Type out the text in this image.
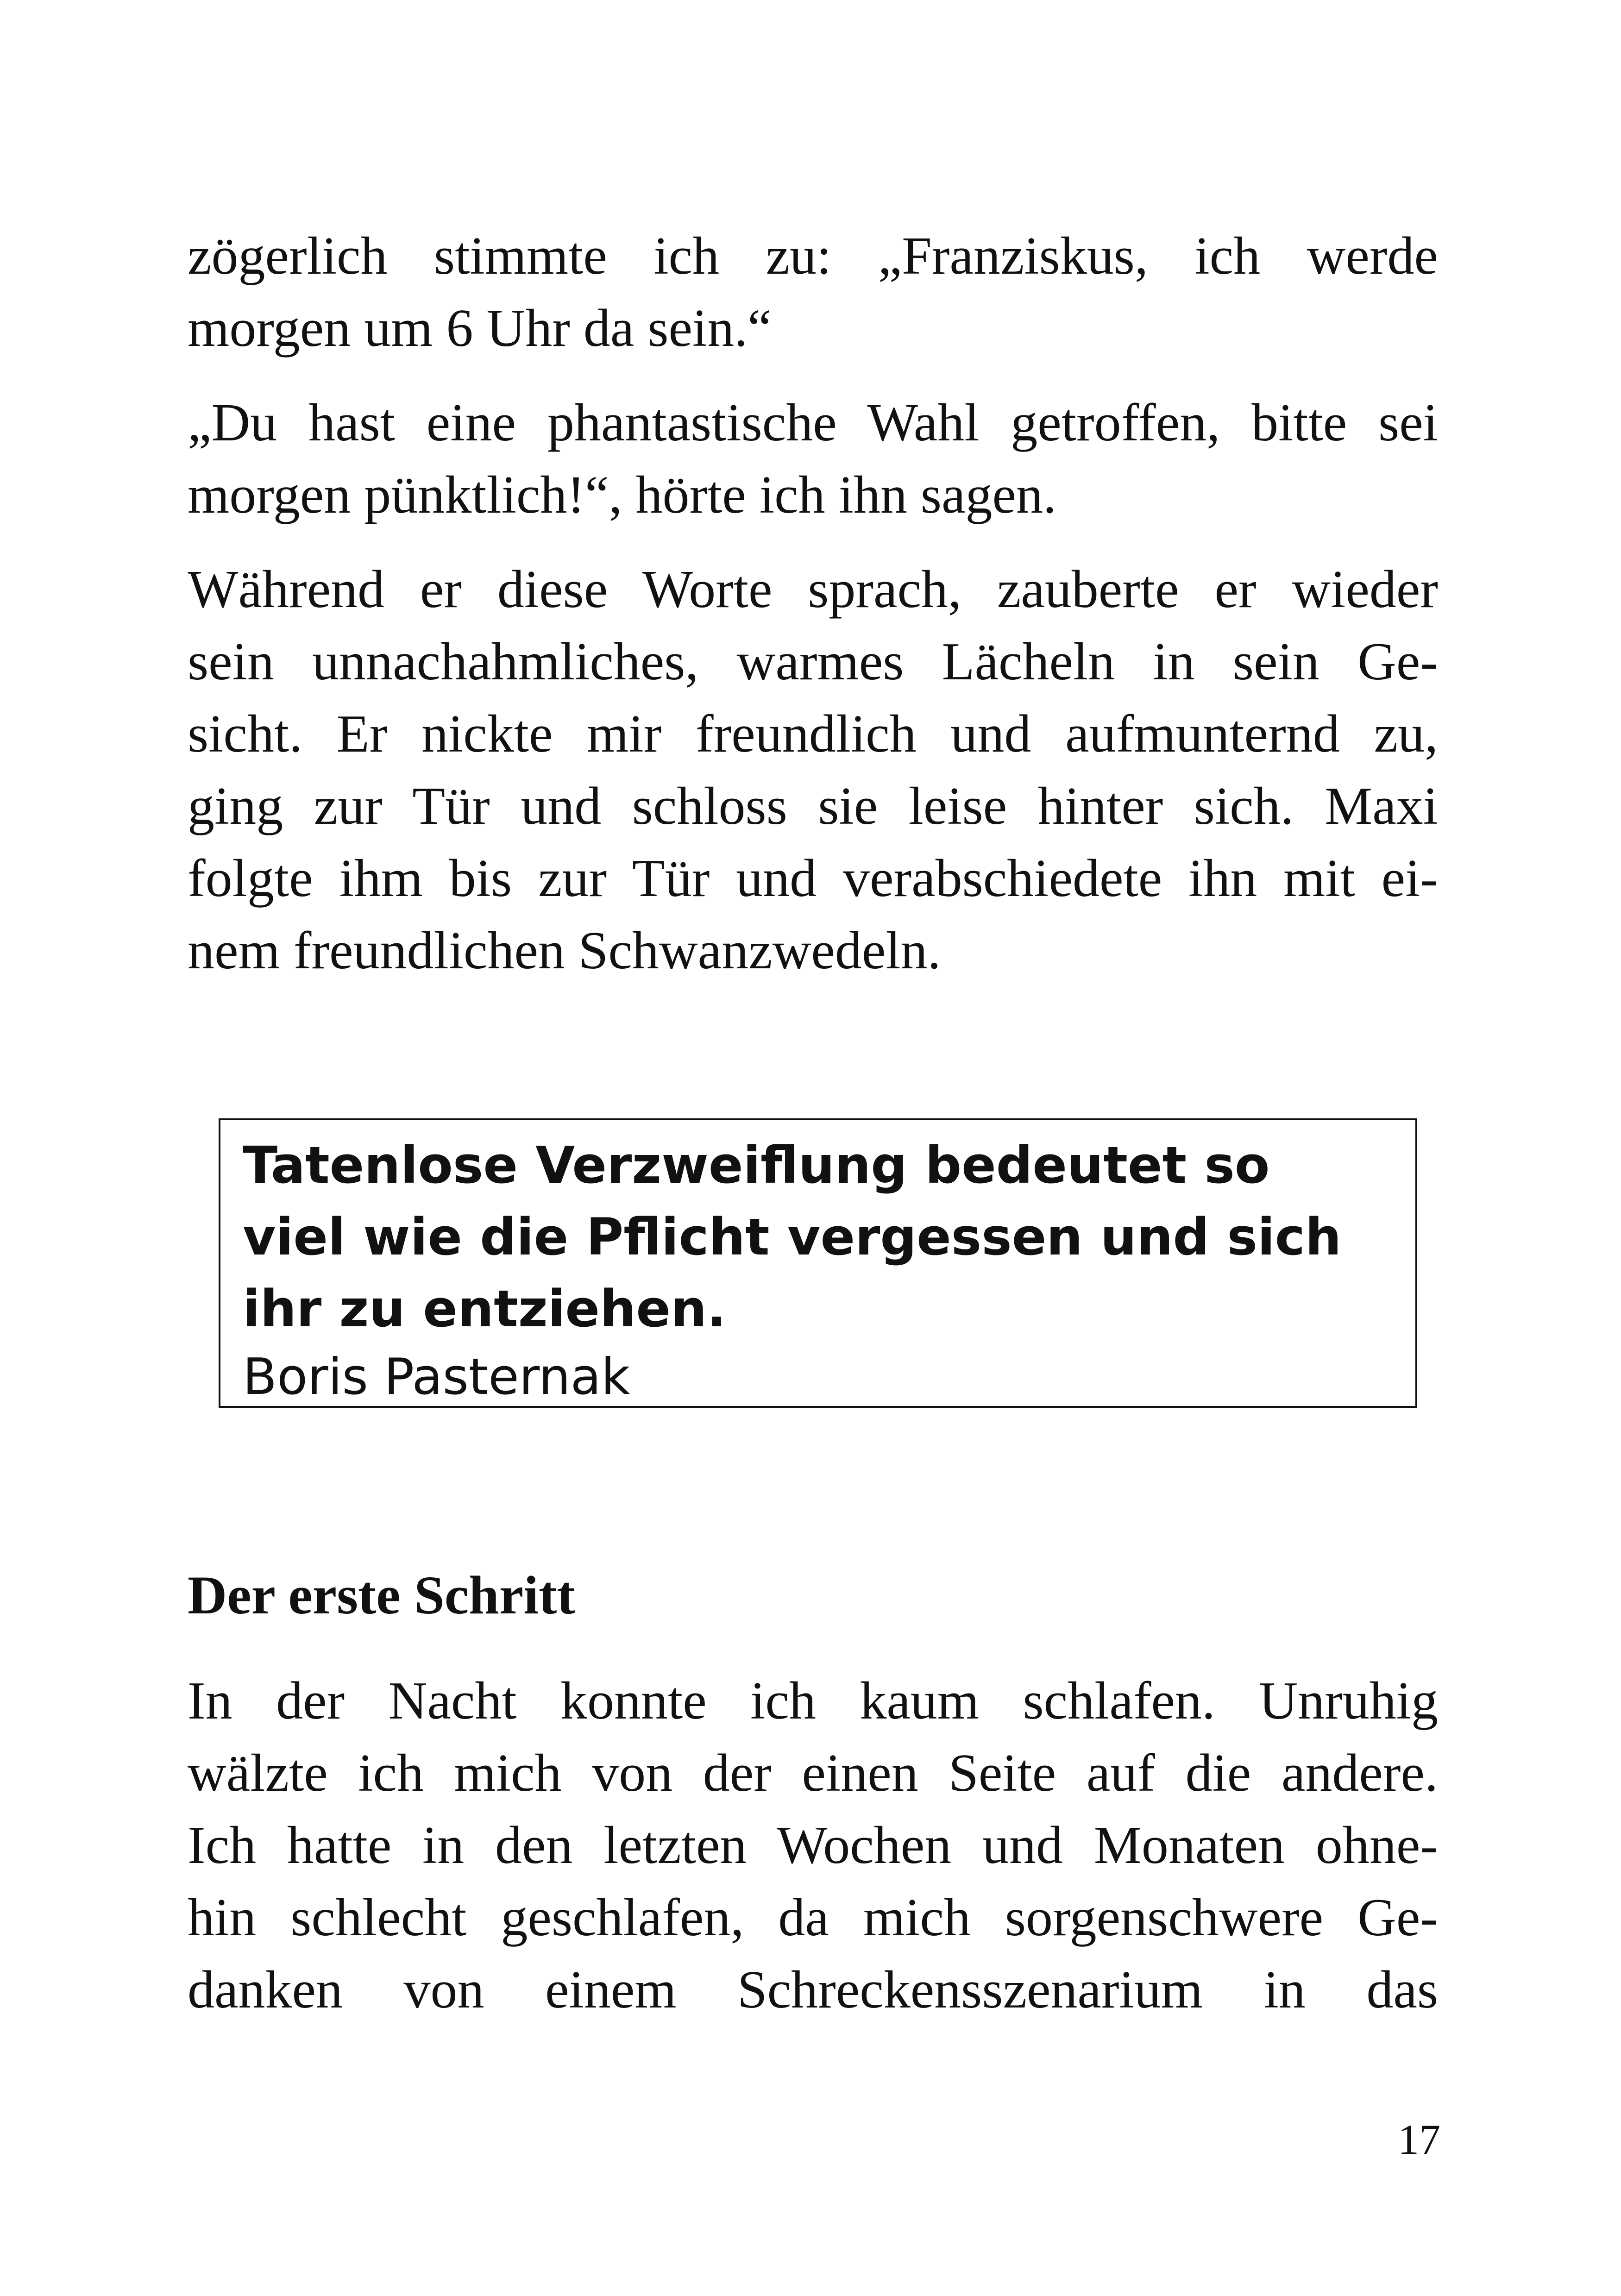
zögerlich stimmte ich zu: „Franziskus, ich werde
morgen um 6 Uhr da sein.“
„Du hast eine phantastische Wahl getroffen, bitte sei
morgen pünktlich!“, hörte ich ihn sagen.
Während er diese Worte sprach, zauberte er wieder
sein unnachahmliches, warmes Lächeln in sein Ge-
sicht. Er nickte mir freundlich und aufmunternd zu,
ging zur Tür und schloss sie leise hinter sich. Maxi
folgte ihm bis zur Tür und verabschiedete ihn mit ei-
nem freundlichen Schwanzwedeln.
Tatenlose Verzweiflung bedeutet so
viel wie die Pflicht vergessen und sich
ihr zu entziehen.

Boris Pasternak

Der erste Schritt
In der Nacht konnte ich kaum schlafen. Unruhig
wälzte ich mich von der einen Seite auf die andere.
Ich hatte in den letzten Wochen und Monaten ohne-
hin schlecht geschlafen, da mich sorgenschwere Ge-
danken von einem Schreckensszenarium in das

17
